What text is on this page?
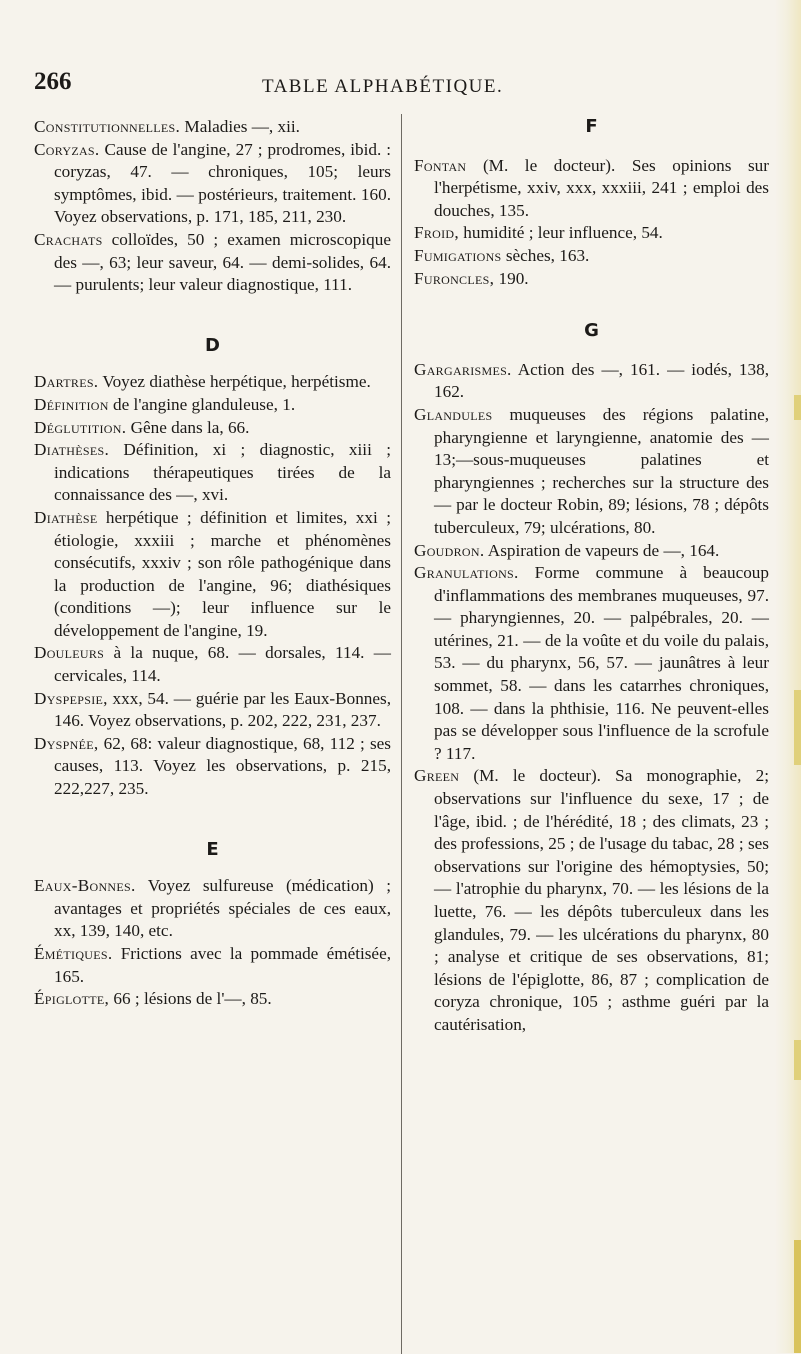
266	TABLE ALPHABÉTIQUE.

Constitutionnelles. Maladies —, xii.

Coryzas. Cause de l'angine, 27 ; prodromes, ibid. : coryzas, 47. — chroniques, 105; leurs symptômes, ibid. — postérieurs, traitement. 160. Voyez observations, p. 171, 185, 211, 230.

Crachats colloïdes, 50 ; examen microscopique des —, 63; leur saveur, 64. — demi-solides, 64. — purulents; leur valeur diagnostique, 111.

D

Dartres. Voyez diathèse herpétique, herpétisme.

Définition de l'angine glanduleuse, 1.

Déglutition. Gêne dans la, 66.

Diathèses. Définition, xi ; diagnostic, xiii ; indications thérapeutiques tirées de la connaissance des —, xvi.

Diathèse herpétique ; définition et limites, xxi ; étiologie, xxxiii ; marche et phénomènes consécutifs, xxxiv ; son rôle pathogénique dans la production de l'angine, 96; diathésiques (conditions —); leur influence sur le développement de l'angine, 19.

Douleurs à la nuque, 68. — dorsales, 114. — cervicales, 114.

Dyspepsie, xxx, 54. — guérie par les Eaux-Bonnes, 146. Voyez observations, p. 202, 222, 231, 237.

Dyspnée, 62, 68: valeur diagnostique, 68, 112 ; ses causes, 113. Voyez les observations, p. 215, 222,227, 235.

E

Eaux-Bonnes. Voyez sulfureuse (médication) ; avantages et propriétés spéciales de ces eaux, xx, 139, 140, etc.

Émétiques. Frictions avec la pommade émétisée, 165.

Épiglotte, 66 ; lésions de l'—, 85.

F

Fontan (M. le docteur). Ses opinions sur l'herpétisme, xxiv, xxx, xxxiii, 241 ; emploi des douches, 135.

Froid, humidité ; leur influence, 54.

Fumigations sèches, 163.

Furoncles, 190.

G

Gargarismes. Action des —, 161. — iodés, 138, 162.

Glandules muqueuses des régions palatine, pharyngienne et laryngienne, anatomie des — 13;—sous-muqueuses palatines et pharyngiennes ; recherches sur la structure des — par le docteur Robin, 89; lésions, 78 ; dépôts tuberculeux, 79; ulcérations, 80.

Goudron. Aspiration de vapeurs de —, 164.

Granulations. Forme commune à beaucoup d'inflammations des membranes muqueuses, 97. — pharyngiennes, 20. — palpébrales, 20. — utérines, 21. — de la voûte et du voile du palais, 53. — du pharynx, 56, 57. — jaunâtres à leur sommet, 58. — dans les catarrhes chroniques, 108. — dans la phthisie, 116. Ne peuvent-elles pas se développer sous l'influence de la scrofule ? 117.

Green (M. le docteur). Sa monographie, 2; observations sur l'influence du sexe, 17 ; de l'âge, ibid. ; de l'hérédité, 18 ; des climats, 23 ; des professions, 25 ; de l'usage du tabac, 28 ; ses observations sur l'origine des hémoptysies, 50; — l'atrophie du pharynx, 70. — les lésions de la luette, 76. — les dépôts tuberculeux dans les glandules, 79. — les ulcérations du pharynx, 80 ; analyse et critique de ses observations, 81; lésions de l'épiglotte, 86, 87 ; complication de coryza chronique, 105 ; asthme guéri par la cautérisation,
